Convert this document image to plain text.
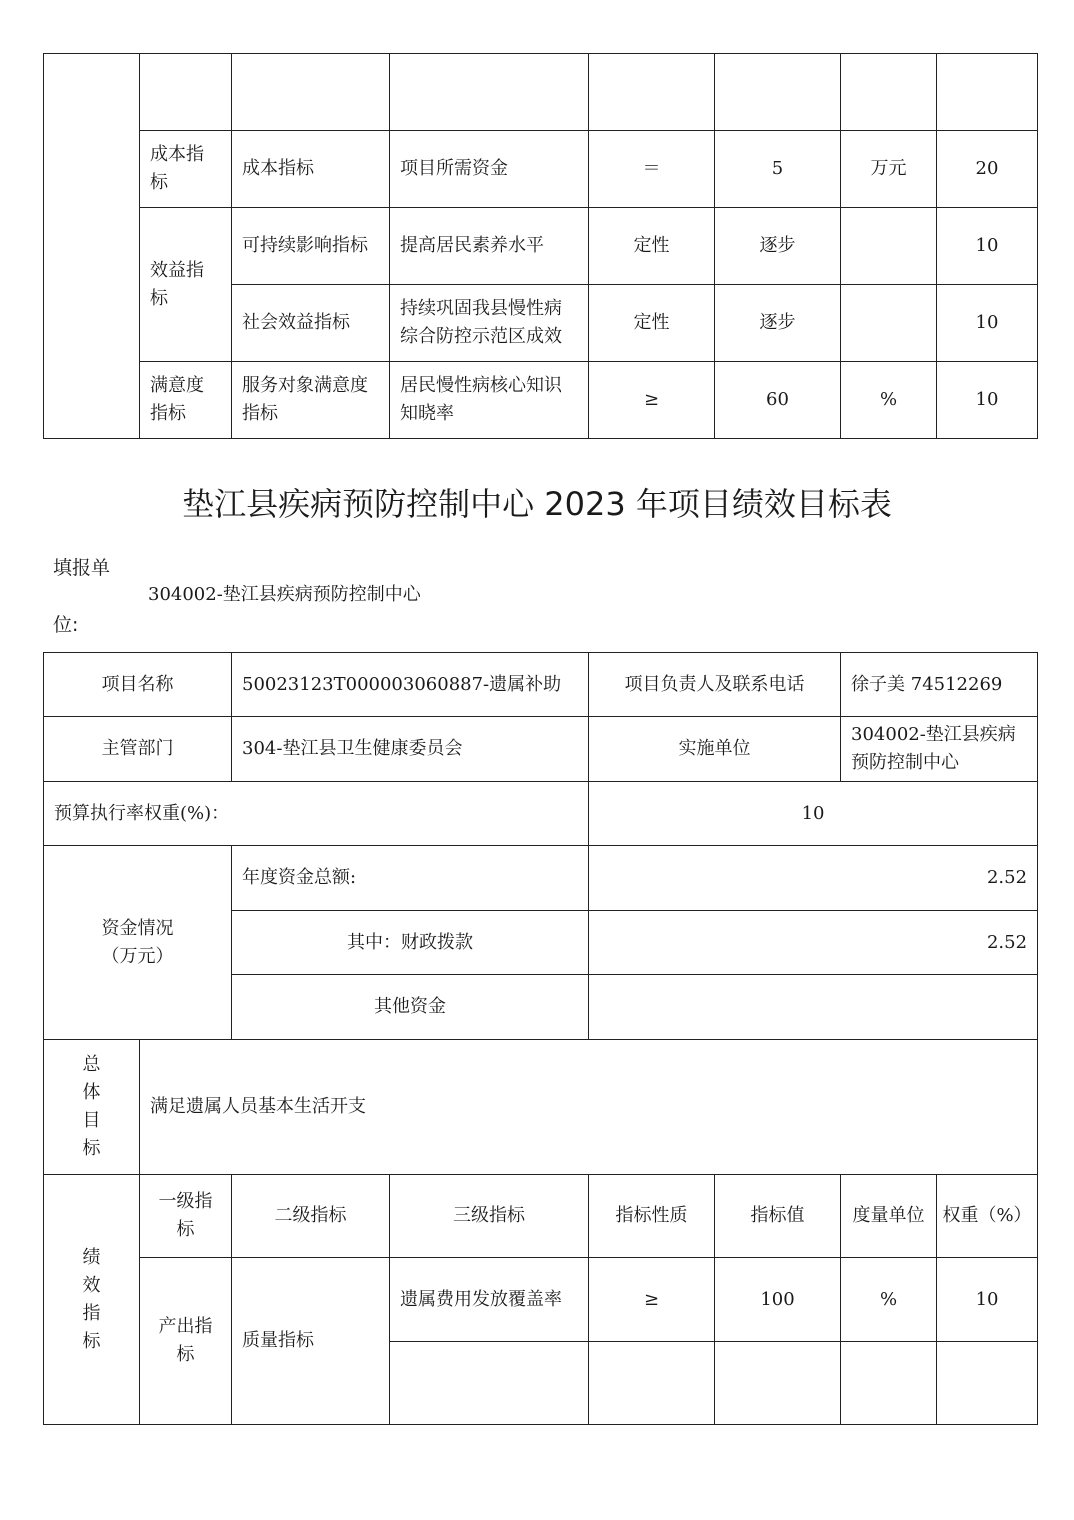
	成本指标	成本指标	项目所需资金	＝	5	万元	20
	效益指标	可持续影响指标	提高居民素养水平	定性	逐步		10
		社会效益指标	持续巩固我县慢性病综合防控示范区成效	定性	逐步		10
	满意度指标	服务对象满意度指标	居民慢性病核心知识知晓率	≥	60	%	10
垫江县疾病预防控制中心 2023 年项目绩效目标表
填报单
304002-垫江县疾病预防控制中心
位:
项目名称		50023123T000003060887-遗属补助		项目负责人及联系电话		徐子美 74512269	
主管部门		304-垫江县卫生健康委员会		实施单位		304002-垫江县疾病预防控制中心	
预算执行率权重(%)：				10			

资金情况
（万元）		年度资金总额:		2.52			
		其中：财政拨款		2.52			
		其他资金					

总体目标	满足遗属人员基本生活开支						

绩效指标	一级指标	二级指标	三级指标	指标性质	指标值	度量单位	权重（%）
	产出指标	质量指标	遗属费用发放覆盖率	≥	100	%	10
